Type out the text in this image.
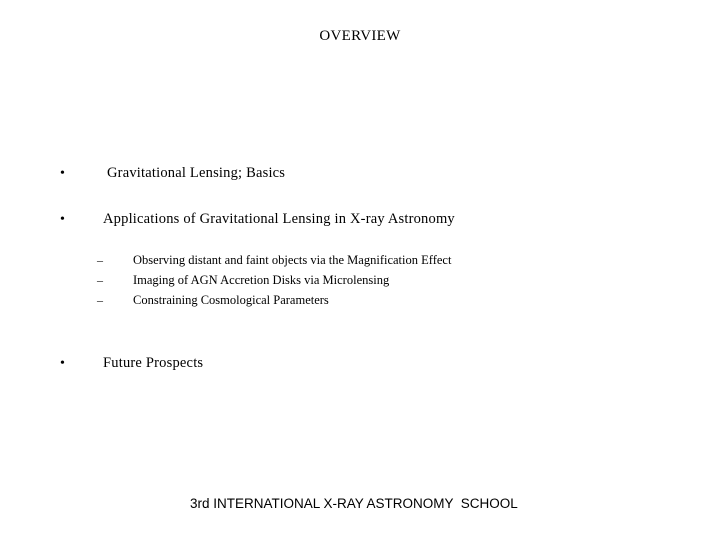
OVERVIEW
•	Gravitational Lensing; Basics
•	Applications of Gravitational Lensing in X-ray Astronomy
– Observing distant and faint objects via the Magnification Effect
– Imaging of AGN Accretion Disks via Microlensing
– Constraining Cosmological Parameters
•	Future Prospects
3rd INTERNATIONAL X-RAY ASTRONOMY  SCHOOL
